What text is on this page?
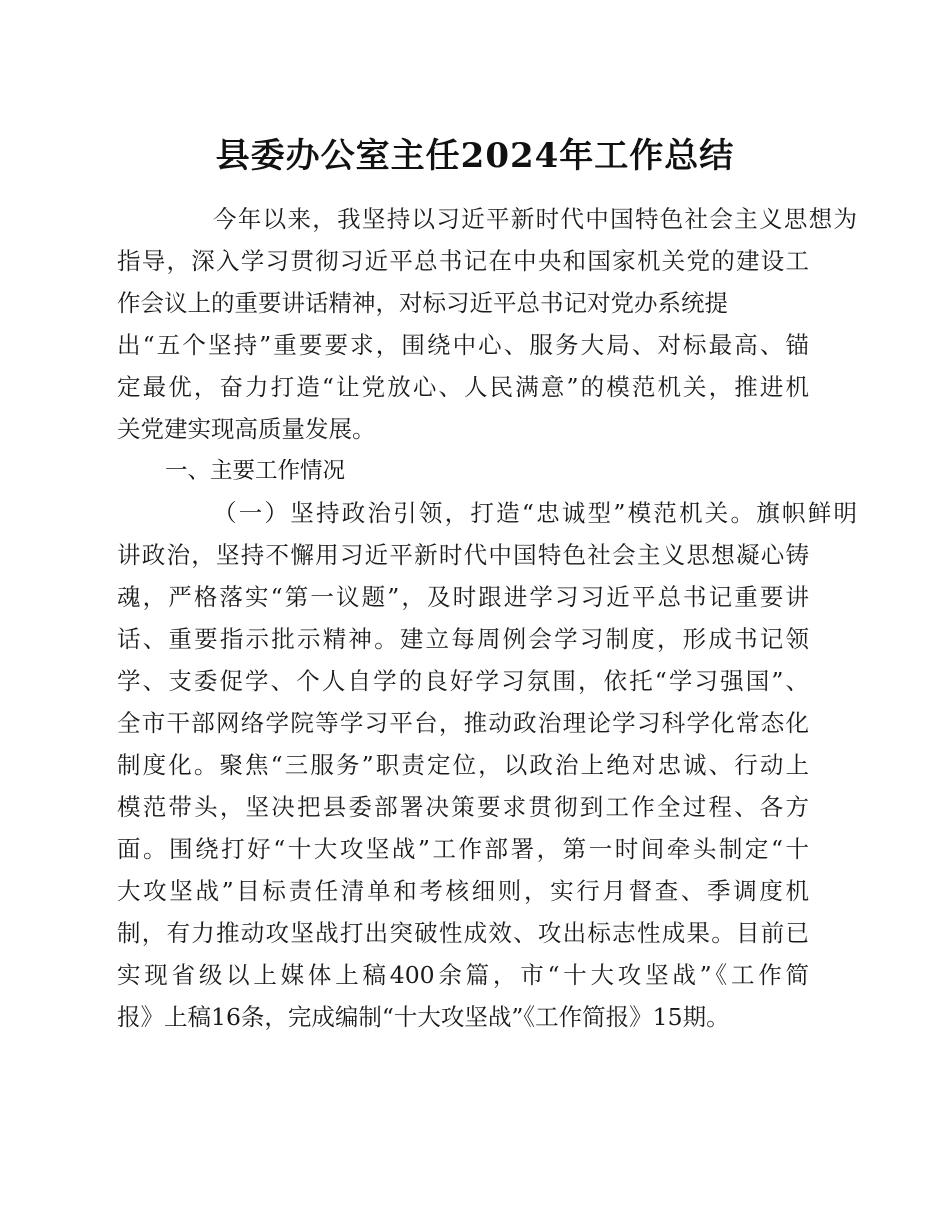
县委办公室主任2024年工作总结
今年以来，我坚持以习近平新时代中国特色社会主义思想为
指导，深入学习贯彻习近平总书记在中央和国家机关党的建设工
作会议上的重要讲话精神，对标习近平总书记对党办系统提
出“五个坚持”重要要求，围绕中心、服务大局、对标最高、锚
定最优，奋力打造“让党放心、人民满意”的模范机关，推进机
关党建实现高质量发展。
一、主要工作情况
（一）坚持政治引领，打造“忠诚型”模范机关。旗帜鲜明
讲政治，坚持不懈用习近平新时代中国特色社会主义思想凝心铸
魂，严格落实“第一议题”，及时跟进学习习近平总书记重要讲
话、重要指示批示精神。建立每周例会学习制度，形成书记领
学、支委促学、个人自学的良好学习氛围，依托“学习强国”、
全市干部网络学院等学习平台，推动政治理论学习科学化常态化
制度化。聚焦“三服务”职责定位，以政治上绝对忠诚、行动上
模范带头，坚决把县委部署决策要求贯彻到工作全过程、各方
面。围绕打好“十大攻坚战”工作部署，第一时间牵头制定“十
大攻坚战”目标责任清单和考核细则，实行月督查、季调度机
制，有力推动攻坚战打出突破性成效、攻出标志性成果。目前已
实现省级以上媒体上稿400余篇，市“十大攻坚战”《工作简
报》上稿16条，完成编制“十大攻坚战”《工作简报》15期。
